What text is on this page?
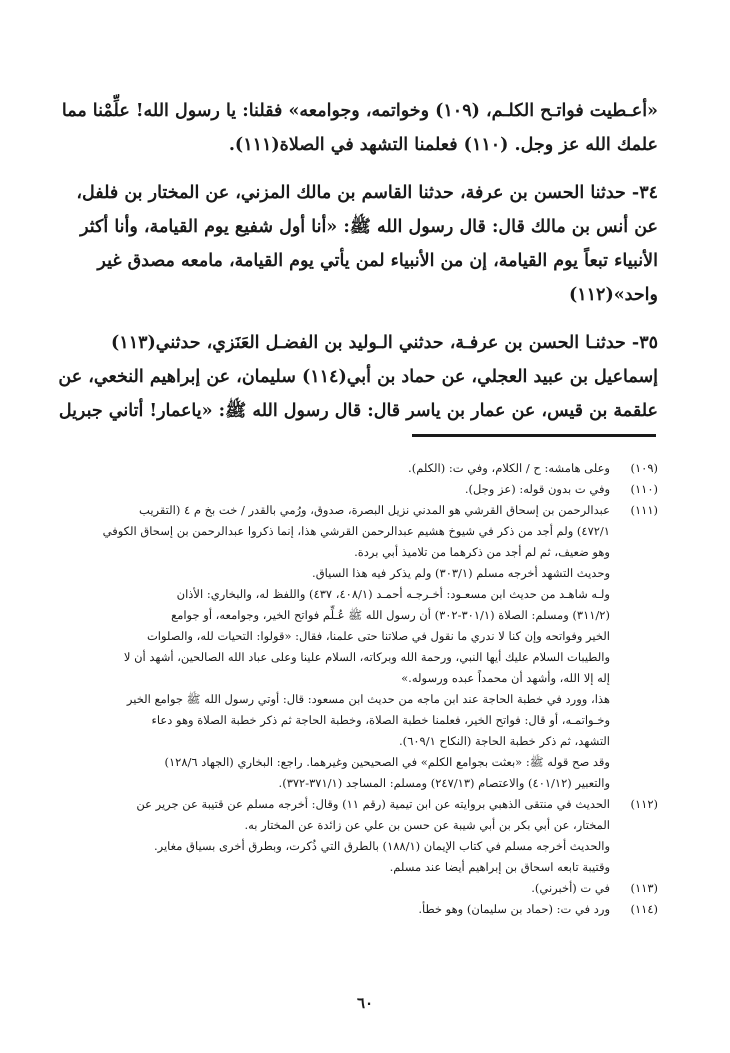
«أعـطيت فواتـح الكلـم، (١٠٩) وخواتمه، وجوامعه» فقلنا: يا رسول الله! علِّمْنا مما
علمك الله عز وجل. (١١٠) فعلمنا التشهد في الصلاة(١١١).

٣٤- حدثنا الحسن بن عرفة، حدثنا القاسم بن مالك المزني، عن المختار بن فلفل،
عن أنس بن مالك قال: قال رسول الله ﷺ: «أنا أول شفيع يوم القيامة، وأنا أكثر
الأنبياء تبعاً يوم القيامة، إن من الأنبياء لمن يأتي يوم القيامة، مامعه مصدق غير
واحد»(١١٢)

٣٥- حدثنـا الحسن بن عرفـة، حدثني الـوليد بن الفضـل العَنَزي، حدثني(١١٣)
إسماعيل بن عبيد العجلي، عن حماد بن أبي(١١٤) سليمان، عن إبراهيم النخعي، عن
علقمة بن قيس، عن عمار بن ياسر قال: قال رسول الله ﷺ: «ياعمار! أتاني جبريل

(١٠٩)
وعلى هامشه: ح / الكلام، وفي ت: (الكلم).
(١١٠)
وفي ت بدون قوله: (عز وجل).
(١١١)
عبدالرحمن بن إسحاق القرشي هو المدني نزيل البصرة، صدوق، ورُمي بالقدر / خت بخ م ٤ (التقريب
٤٧٢/١) ولم أجد من ذكر في شيوخ هشيم عبدالرحمن القرشي هذا، إنما ذكروا عبدالرحمن بن إسحاق الكوفي
وهو ضعيف، ثم لم أجد من ذكرهما من تلاميذ أبي بردة.
وحديث التشهد أخرجه مسلم (٣٠٣/١) ولم يذكر فيه هذا السياق.
ولـه شاهـد من حديث ابن مسعـود: أخـرجـه أحمـد (٤٠٨/١، ٤٣٧) واللفظ له، والبخاري: الأذان
(٣١١/٢) ومسلم: الصلاة (٣٠١/١-٣٠٢) أن رسول الله ﷺ عُـلِّم فواتح الخير، وجوامعه، أو جوامع
الخير وفواتحه وإن كنا لا ندري ما نقول في صلاتنا حتى علمنا، فقال: «قولوا: التحيات لله، والصلوات
والطيبات السلام عليك أيها النبي، ورحمة الله وبركاته، السلام علينا وعلى عباد الله الصالحين، أشهد أن لا
إله إلا الله، وأشهد أن محمداً عبده ورسوله.»
هذا، وورد في خطبة الحاجة عند ابن ماجه من حديث ابن مسعود: قال: أوتي رسول الله ﷺ جوامع الخير
وخـواتمـه، أو قال: فواتح الخير، فعلمنا خطبة الصلاة، وخطبة الحاجة ثم ذكر خطبة الصلاة وهو دعاء
التشهد، ثم ذكر خطبة الحاجة (النكاح ٦٠٩/١).
وقد صح قوله ﷺ: «بعثت بجوامع الكلم» في الصحيحين وغيرهما. راجع: البخاري (الجهاد ١٢٨/٦)
والتعبير (٤٠١/١٢) والاعتصام (٢٤٧/١٣) ومسلم: المساجد (٣٧١/١-٣٧٢).
(١١٢)
الحديث في منتقى الذهبي بروايته عن ابن تيمية (رقم ١١) وقال: أخرجه مسلم عن قتيبة عن جرير عن
المختار، عن أبي بكر بن أبي شيبة عن حسن بن علي عن زائدة عن المختار به.
والحديث أخرجه مسلم في كتاب الإيمان (١٨٨/١) بالطرق التي ذُكرت، وبطرق أخرى بسياق مغاير.
وقتيبة تابعه اسحاق بن إبراهيم أيضا عند مسلم.
(١١٣)
في ت (أخبرني).
(١١٤)
ورد في ت: (حماد بن سليمان) وهو خطأ.
٦٠
